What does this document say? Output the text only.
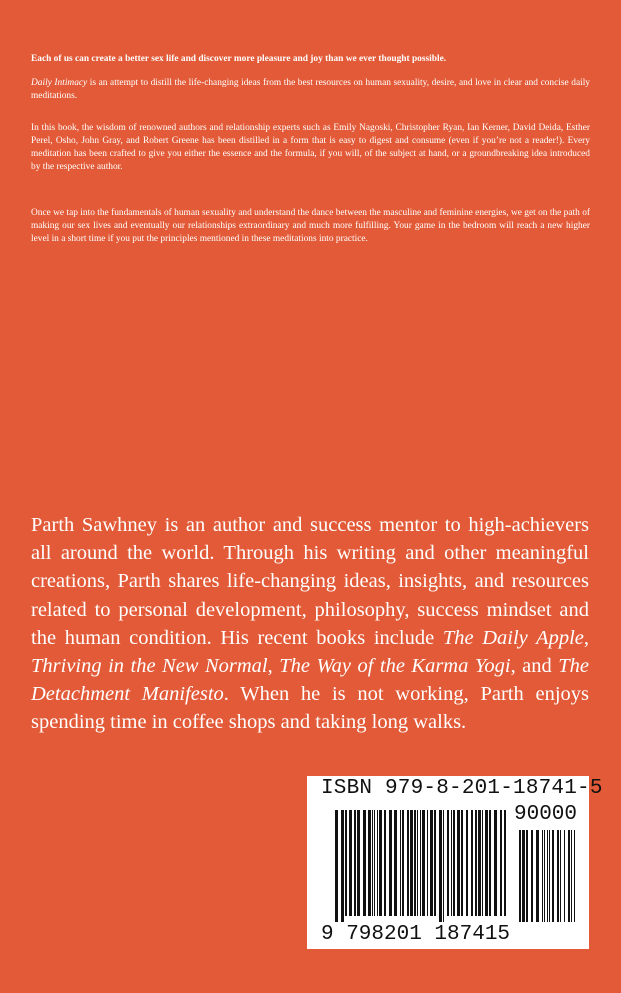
Each of us can create a better sex life and discover more pleasure and joy than we ever thought possible.

Daily Intimacy is an attempt to distill the life-changing ideas from the best resources on human sexuality, desire, and love in clear and concise daily meditations.

In this book, the wisdom of renowned authors and relationship experts such as Emily Nagoski, Christopher Ryan, Ian Kerner, David Deida, Esther Perel, Osho, John Gray, and Robert Greene has been distilled in a form that is easy to digest and consume (even if you’re not a reader!). Every meditation has been crafted to give you either the essence and the formula, if you will, of the subject at hand, or a groundbreaking idea introduced by the respective author.

Once we tap into the fundamentals of human sexuality and understand the dance between the masculine and feminine energies, we get on the path of making our sex lives and eventually our relationships extraordinary and much more fulfilling. Your game in the bedroom will reach a new higher level in a short time if you put the principles mentioned in these meditations into practice.

Parth Sawhney is an author and success mentor to high-achievers all around the world. Through his writing and other meaningful creations, Parth shares life-changing ideas, insights, and resources related to personal development, philosophy, success mindset and the human condition. His recent books include The Daily Apple, Thriving in the New Normal, The Way of the Karma Yogi, and The Detachment Manifesto. When he is not working, Parth enjoys spending time in coffee shops and taking long walks.

ISBN 979-8-201-18741-5

90000

9 798201 187415
